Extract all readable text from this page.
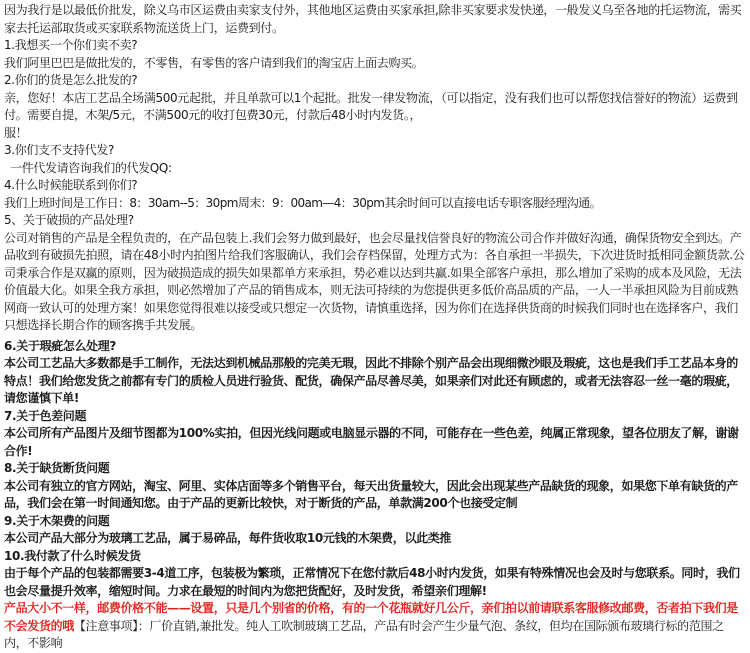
因为我行是以最低价批发，除义乌市区运费由卖家支付外，其他地区运费由买家承担,除非买家要求发快递，一般发义乌至各地的托运物流，需买家去托运部取货或买家联系物流送货上门，运费到付。

1.我想买一个你们卖不卖?

我们阿里巴巴是做批发的，不零售，有零售的客户请到我们的淘宝店上面去购买。

2.你们的货是怎么批发的?

亲，您好！本店工艺品全场满500元起批，并且单款可以1个起批。批发一律发物流，（可以指定，没有我们也可以帮您找信誉好的物流）运费到付。需要自提，木架/5元，不满500元的收打包费30元，付款后48小时内发货。，
服！

3.你们支不支持代发?

一件代发请咨询我们的代发QQ:

4.什么时候能联系到你们?

我们上班时间是工作日：8：30am--5：30pm周末：9：00am—4：30pm其余时间可以直接电话专职客服经理沟通。

5、关于破损的产品处理?

公司对销售的产品是全程负责的，在产品包装上.我们会努力做到最好，也会尽量找信誉良好的物流公司合作并做好沟通，确保货物安全到达。产品收到有破损先拍照，请在48小时内拍图片给我们客服确认，我们会存档保留，处理方式为：各自承担一半损失，下次进货时抵相同金额货款.公司秉承合作是双赢的原则，因为破损造成的损失如果都单方来承担，势必难以达到共赢.如果全部客户承担，那么增加了采购的成本及风险，无法价值最大化。如果全我方承担，则必然增加了产品的销售成本，则无法可持续的为您提供更多低价高品质的产品，一人一半承担风险为目前成熟网商一致认可的处理方案！如果您觉得很难以接受或只想定一次货物，请慎重选择，因为你们在选择供货商的时候我们同时也在选择客户，我们只想选择长期合作的顾客携手共发展。

6.关于瑕疵怎么处理?

本公司工艺品大多数都是手工制作，无法达到机械品那般的完美无瑕，因此不排除个别产品会出现细微沙眼及瑕疵，这也是我们手工艺品本身的特点！我们给您发货之前都有专门的质检人员进行验货、配货，确保产品尽善尽美，如果亲们对此还有顾虑的，或者无法容忍一丝一毫的瑕疵，请您谨慎下单!

7.关于色差问题

本公司所有产品图片及细节图都为100%实拍，但因光线问题或电脑显示器的不同，可能存在一些色差，纯属正常现象，望各位朋友了解，谢谢合作!

8.关于缺货断货问题

本公司有独立的官方网站，淘宝、阿里、实体店面等多个销售平台，每天出货量较大，因此会出现某些产品缺货的现象，如果您下单有缺货的产品，我们会在第一时间通知您。由于产品的更新比较快，对于断货的产品，单款满200个也接受定制

9.关于木架费的问题

本公司产品大部分为玻璃工艺品，属于易碎品，每件货收取10元钱的木架费，以此类推

10.我付款了什么时候发货

由于每个产品的包装都需要3-4道工序，包装极为繁琐，正常情况下在您付款后48小时内发货，如果有特殊情况也会及时与您联系。同时，我们也会尽量提升效率，缩短时间。力求在最短的时间内为您把货配好，及时发货，希望亲们理解!

产品大小不一样，邮费价格不能——设置，只是几个别省的价格，有的一个花瓶就好几公斤，亲们拍以前请联系客服修改邮费，否者拍下我们是不会发货的哦【注意事项】：厂价直销,兼批发。纯人工吹制玻璃工艺品，产品有时会产生少量气泡、条纹，但均在国际颁布玻璃行标的范围之内，不影响
